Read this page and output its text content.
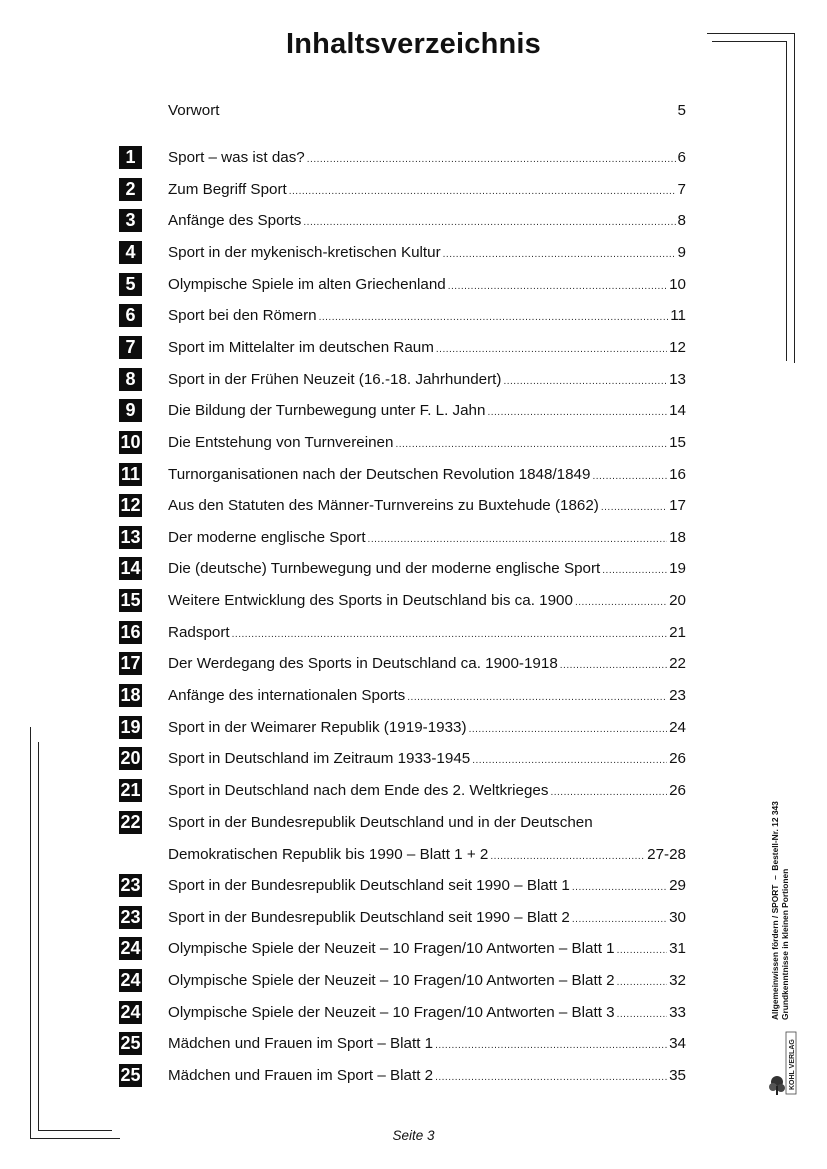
Inhaltsverzeichnis
Vorwort	5
1	Sport – was ist das? .....	6
2	Zum Begriff Sport .....	7
3	Anfänge des Sports .....	8
4	Sport in der mykenisch-kretischen Kultur .....	9
5	Olympische Spiele im alten Griechenland .....	10
6	Sport bei den Römern .....	11
7	Sport im Mittelalter im deutschen Raum .....	12
8	Sport in der Frühen Neuzeit (16.-18. Jahrhundert) .....	13
9	Die Bildung der Turnbewegung unter F. L. Jahn .....	14
10 Die Entstehung von Turnvereinen .....	15
11 Turnorganisationen nach der Deutschen Revolution 1848/1849 .....	16
12 Aus den Statuten des Männer-Turnvereins zu Buxtehude (1862) .....	17
13 Der moderne englische Sport .....	18
14 Die (deutsche) Turnbewegung und der moderne englische Sport .....	19
15 Weitere Entwicklung des Sports in Deutschland bis ca. 1900 .....	20
16 Radsport .....	21
17 Der Werdegang des Sports in Deutschland ca. 1900-1918 .....	22
18 Anfänge des internationalen Sports .....	23
19 Sport in der Weimarer Republik (1919-1933) .....	24
20 Sport in Deutschland im Zeitraum 1933-1945 .....	26
21 Sport in Deutschland nach dem Ende des 2. Weltkrieges .....	26
22 Sport in der Bundesrepublik Deutschland und in der Deutschen
Demokratischen Republik bis 1990 – Blatt 1 + 2 .....	27-28
23 Sport in der Bundesrepublik Deutschland seit 1990 – Blatt 1 .....	29
23 Sport in der Bundesrepublik Deutschland seit 1990 – Blatt 2 .....	30
24 Olympische Spiele der Neuzeit – 10 Fragen/10 Antworten – Blatt 1 .....	31
24 Olympische Spiele der Neuzeit – 10 Fragen/10 Antworten – Blatt 2 .....	32
24 Olympische Spiele der Neuzeit – 10 Fragen/10 Antworten – Blatt 3 .....	33
25 Mädchen und Frauen im Sport – Blatt 1 .....	34
25 Mädchen und Frauen im Sport – Blatt 2 .....	35
Allgemeinwissen fördern / SPORT  –  Bestell-Nr. 12 343
Grundkenntnisse in kleinen Portionen
KOHL VERLAG
Seite 3
